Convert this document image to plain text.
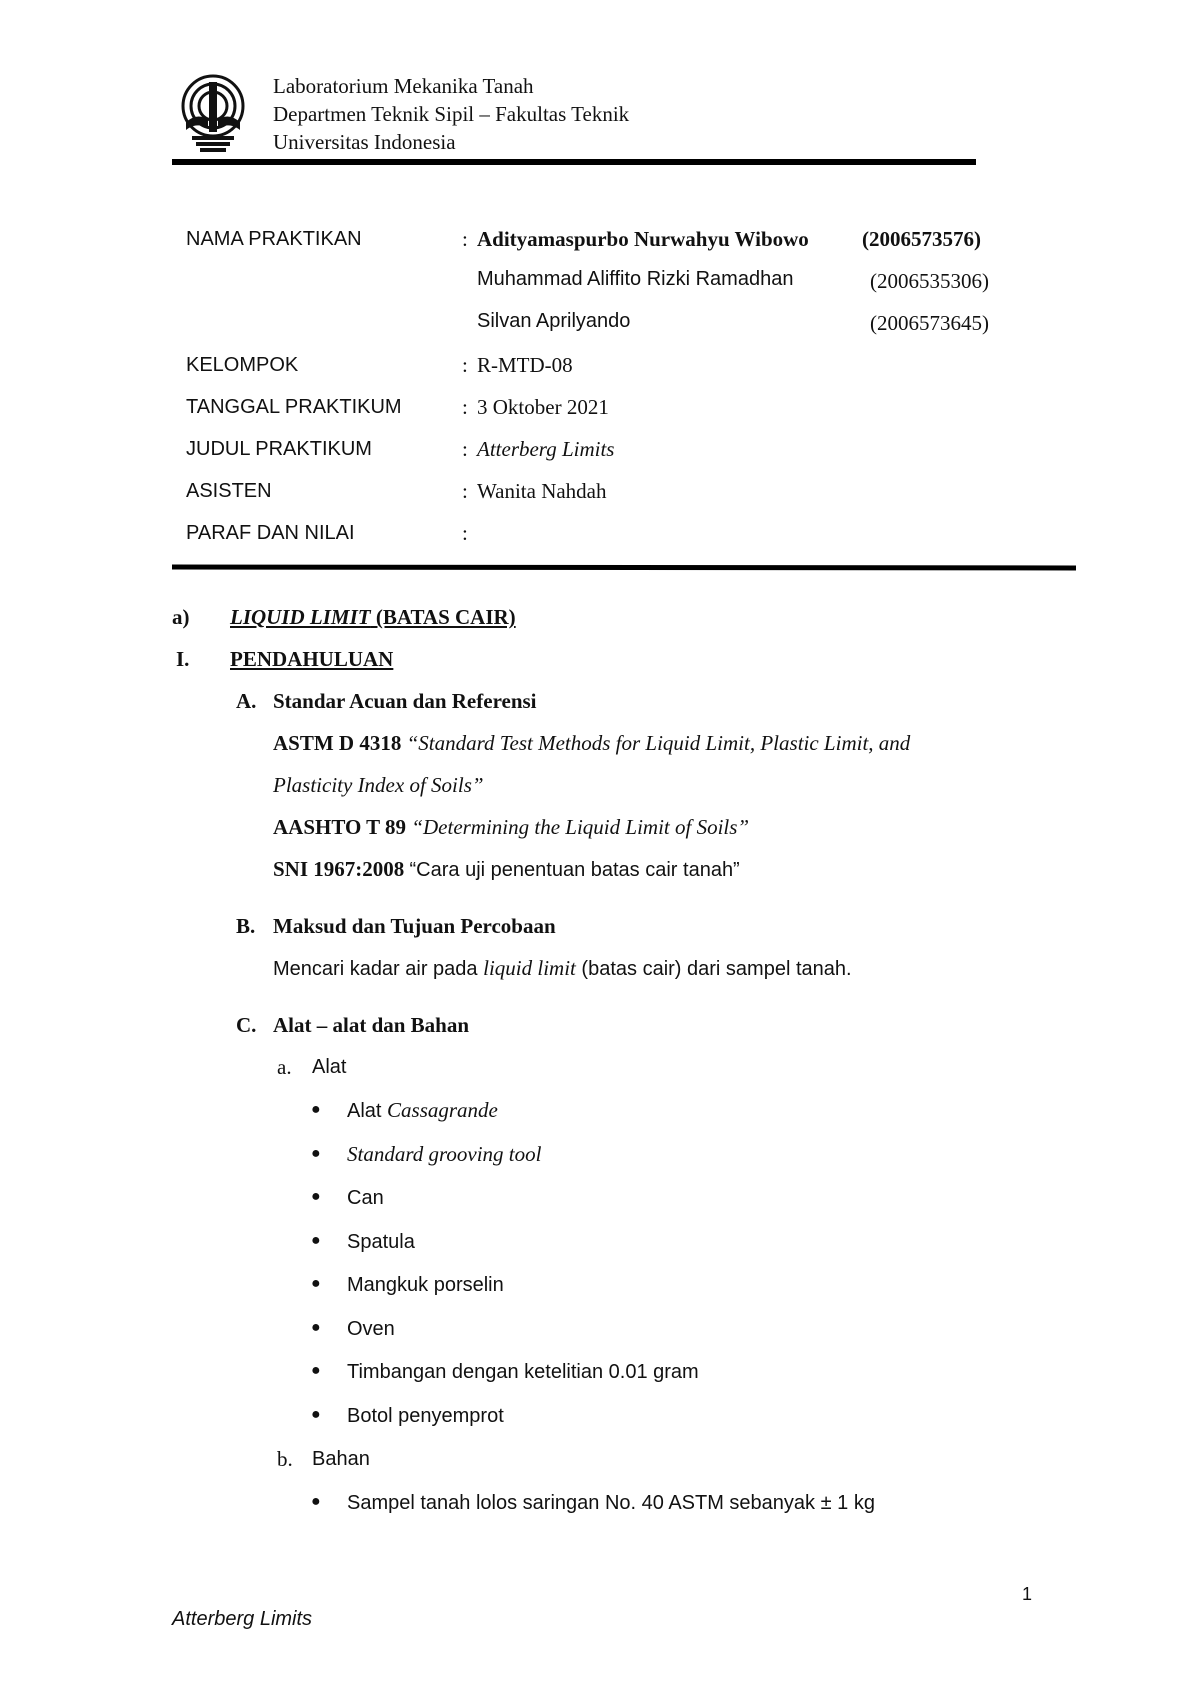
Laboratorium Mekanika Tanah
Departmen Teknik Sipil – Fakultas Teknik
Universitas Indonesia
NAMA PRAKTIKAN	: Adityamaspurbo Nurwahyu Wibowo	(2006573576)
Muhammad Aliffito Rizki Ramadhan	(2006535306)
Silvan Aprilyando	(2006573645)
KELOMPOK	: R-MTD-08
TANGGAL PRAKTIKUM	: 3 Oktober 2021
JUDUL PRAKTIKUM	: Atterberg Limits
ASISTEN	: Wanita Nahdah
PARAF DAN NILAI	:
a) LIQUID LIMIT (BATAS CAIR)
I. PENDAHULUAN
A. Standar Acuan dan Referensi
ASTM D 4318 “Standard Test Methods for Liquid Limit, Plastic Limit, and
Plasticity Index of Soils”
AASHTO T 89 “Determining the Liquid Limit of Soils”
SNI 1967:2008 “Cara uji penentuan batas cair tanah”
B. Maksud dan Tujuan Percobaan
Mencari kadar air pada liquid limit (batas cair) dari sampel tanah.
C. Alat – alat dan Bahan
a. Alat
● Alat Cassagrande
● Standard grooving tool
● Can
● Spatula
● Mangkuk porselin
● Oven
● Timbangan dengan ketelitian 0.01 gram
● Botol penyemprot
b. Bahan
● Sampel tanah lolos saringan No. 40 ASTM sebanyak ± 1 kg
1
Atterberg Limits
